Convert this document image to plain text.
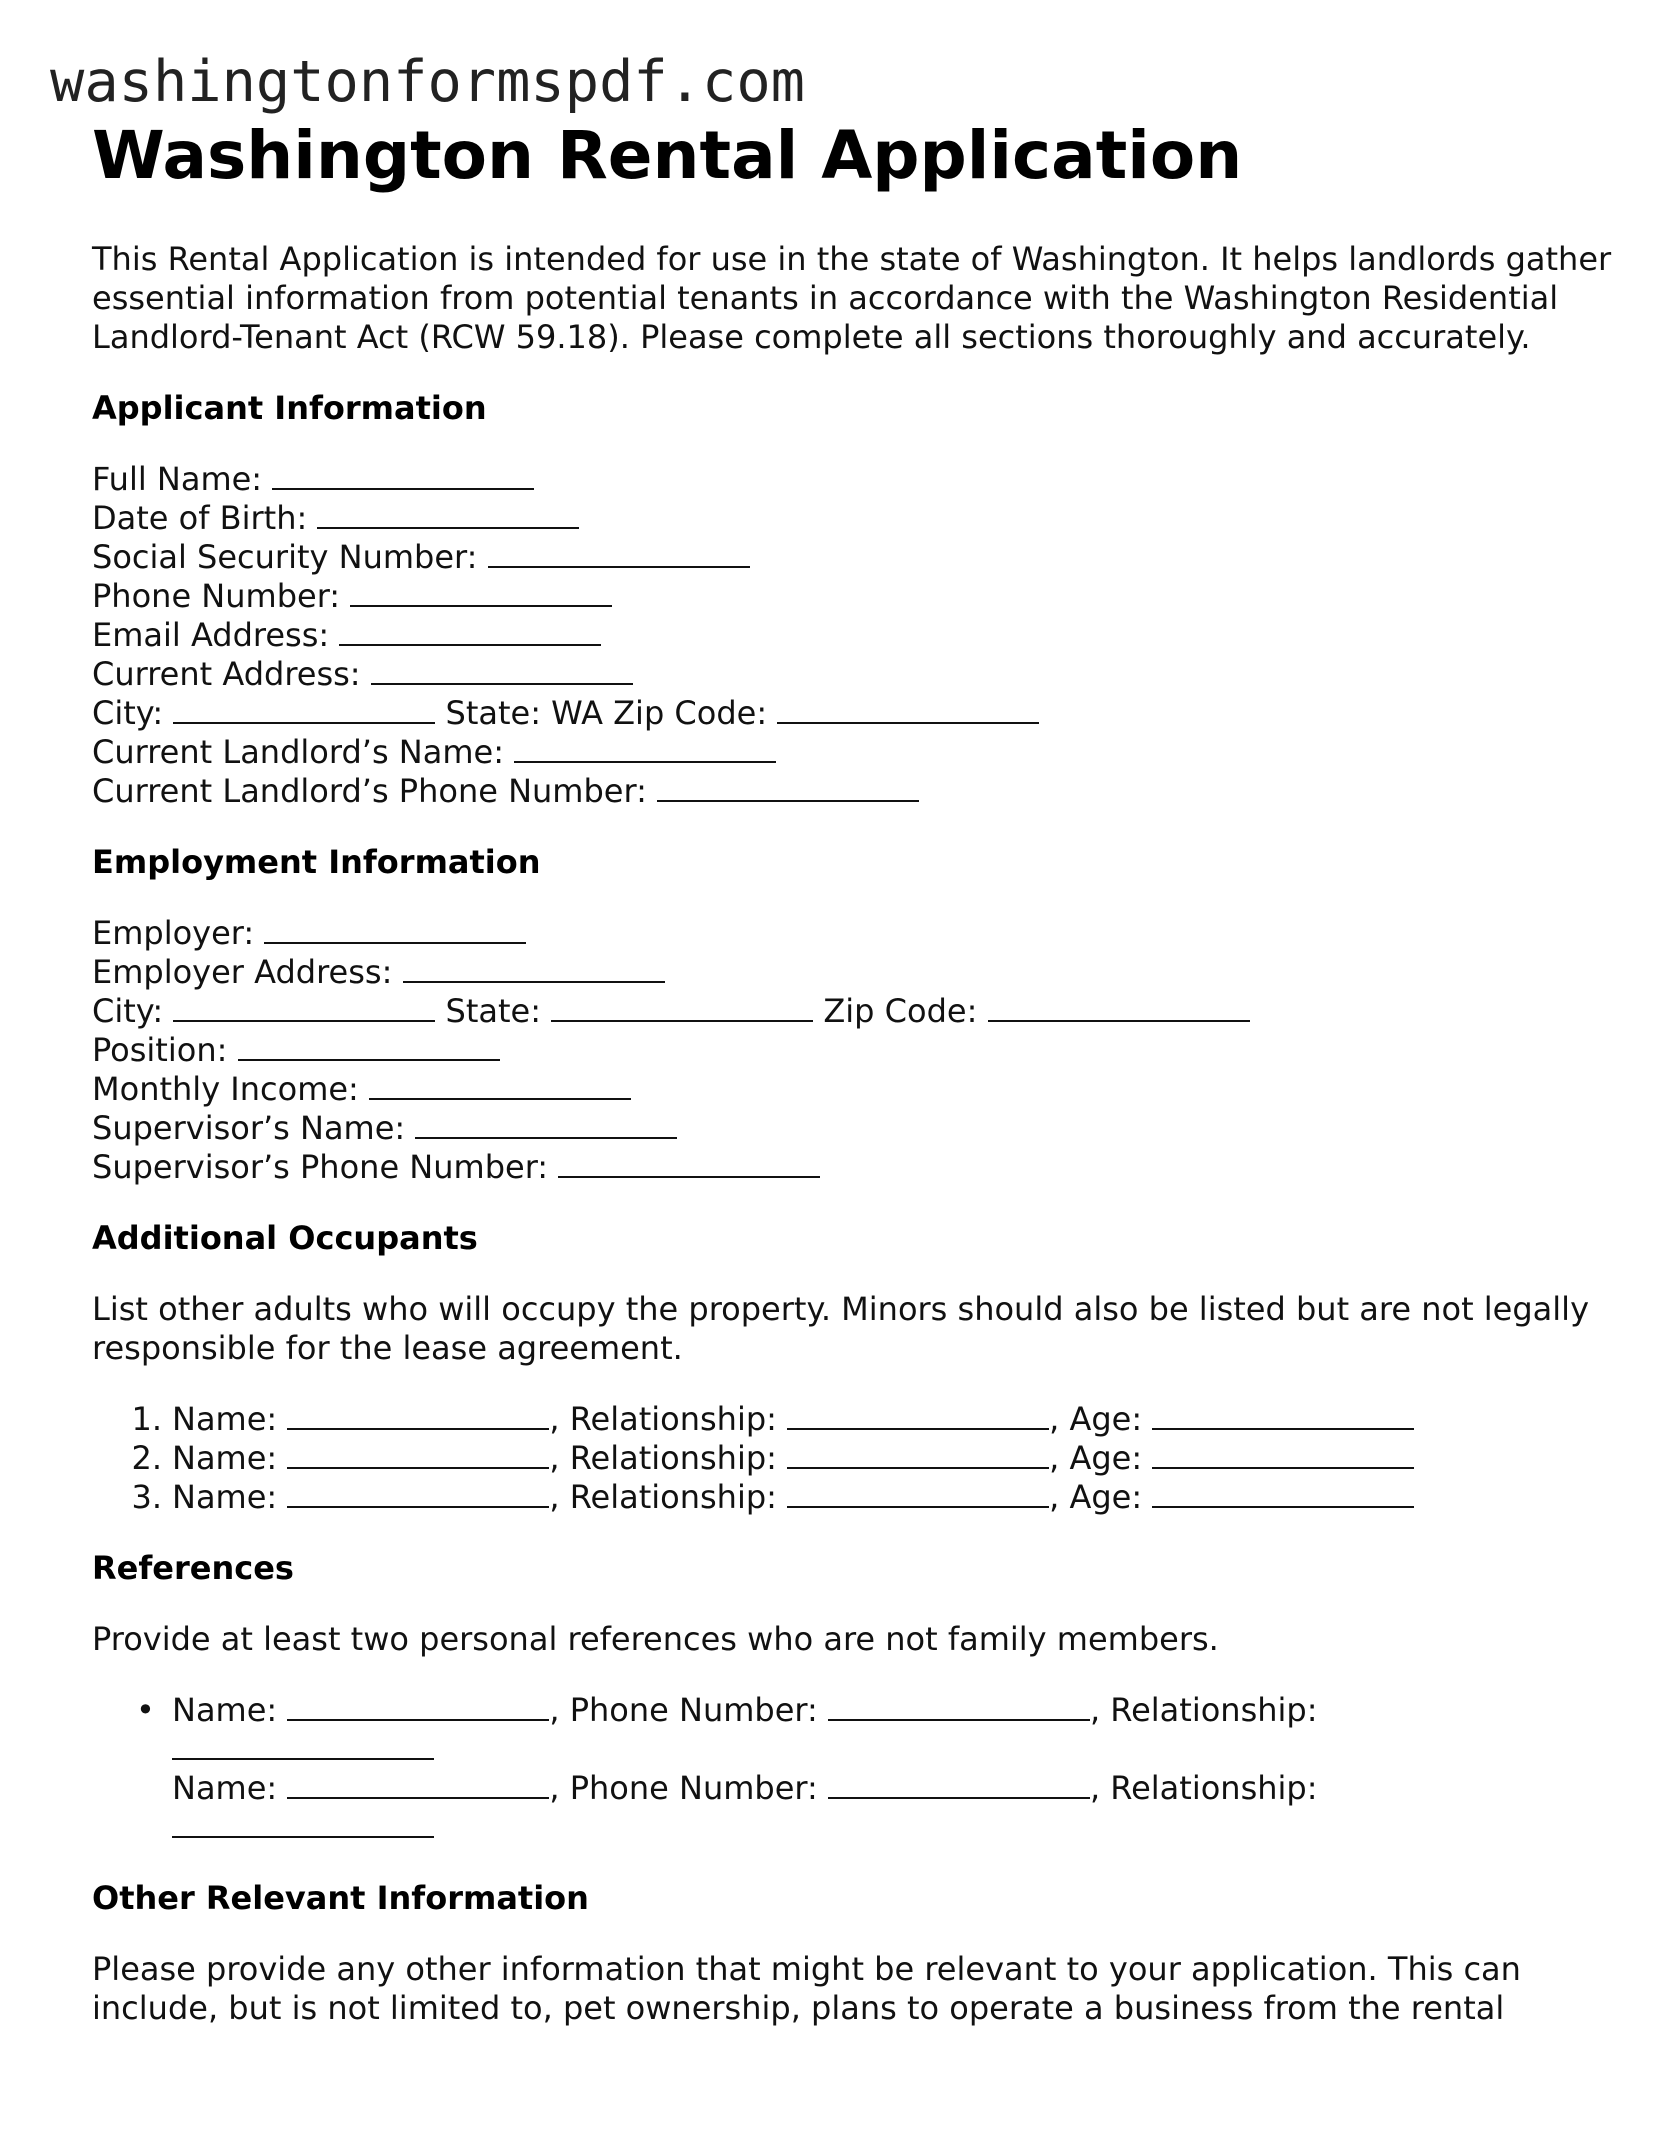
washingtonformspdf.com
Washington Rental Application

This Rental Application is intended for use in the state of Washington. It helps landlords gather essential information from potential tenants in accordance with the Washington Residential Landlord-Tenant Act (RCW 59.18). Please complete all sections thoroughly and accurately.

Applicant Information
Full Name:
Date of Birth:
Social Security Number:
Phone Number:
Email Address:
Current Address:
City:	State: WA Zip Code:
Current Landlord’s Name:
Current Landlord’s Phone Number:
Employment Information
Employer:
Employer Address:
City:	State:	Zip Code:
Position:
Monthly Income:
Supervisor’s Name:
Supervisor’s Phone Number:
Additional Occupants

List other adults who will occupy the property. Minors should also be listed but are not legally responsible for the lease agreement.

1. Name:	, Relationship:	, Age:
2. Name:	, Relationship:	, Age:
3. Name:	, Relationship:	, Age:
References

Provide at least two personal references who are not family members.

• Name:	, Phone Number:	, Relationship:
Name:	, Phone Number:	, Relationship:
Other Relevant Information

Please provide any other information that might be relevant to your application. This can include, but is not limited to, pet ownership, plans to operate a business from the rental
